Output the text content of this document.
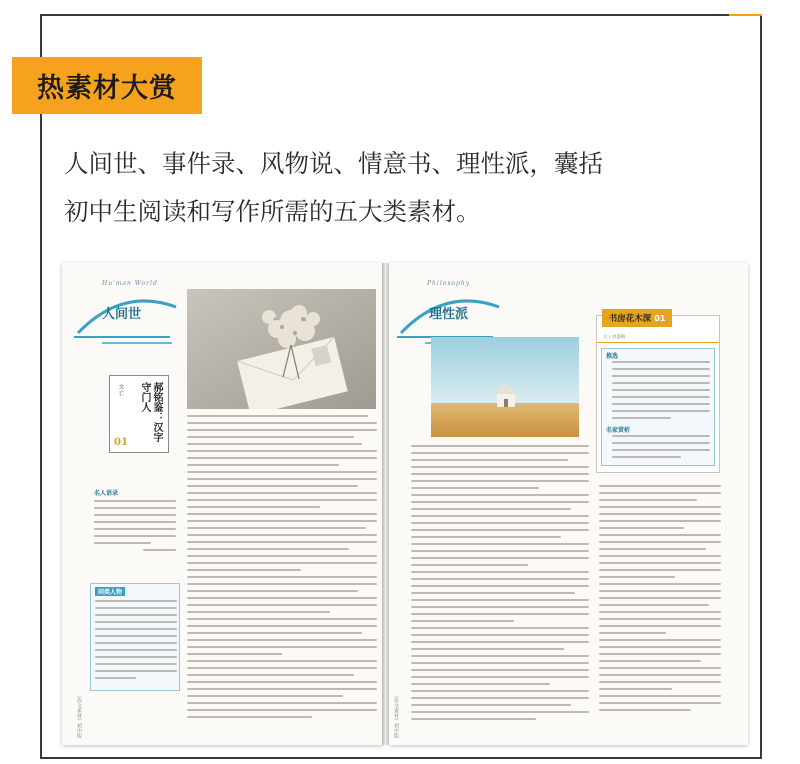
热素材大赏
人间世、事件录、风物说、情意书、理性派，囊括
初中生阅读和写作所需的五大类素材。
Hu'man World
人间世
郝铭鉴：汉字守门人
文 亡
01
名人语录
同类人物
《作文素材》初中版
Philosophy
理性派
文 / 刘盛楠
推选
名家赏析
书房花木深 01
《作文素材》初中版
